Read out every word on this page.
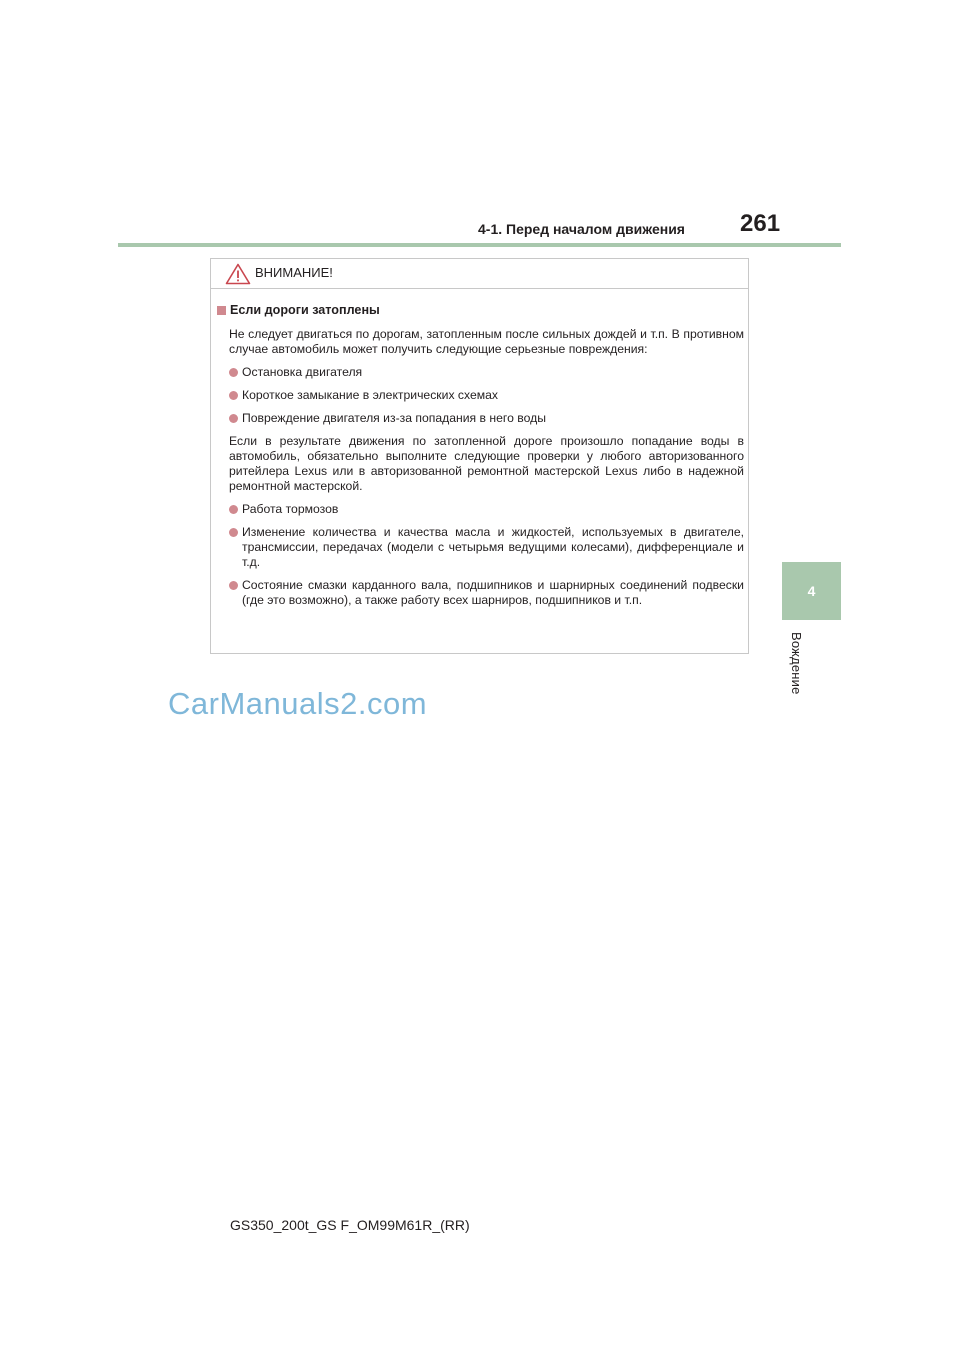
4-1. Перед началом движения 261
4
Вождение
ВНИМАНИЕ!
Если дороги затоплены
Не следует двигаться по дорогам, затопленным после сильных дождей и т.п. В противном случае автомобиль может получить следующие серьезные повреждения:
Остановка двигателя
Короткое замыкание в электрических схемах
Повреждение двигателя из-за попадания в него воды
Если в результате движения по затопленной дороге произошло попадание воды в автомобиль, обязательно выполните следующие проверки у любого авторизованного ритейлера Lexus или в авторизованной ремонтной мастерской Lexus либо в надежной ремонтной мастерской.
Работа тормозов
Изменение количества и качества масла и жидкостей, используемых в двигателе, трансмиссии, передачах (модели с четырьмя ведущими колесами), дифференциале и т.д.
Состояние смазки карданного вала, подшипников и шарнирных соединений подвески (где это возможно), а также работу всех шарниров, подшипников и т.п.
CarManuals2.com
GS350_200t_GS F_OM99M61R_(RR)
